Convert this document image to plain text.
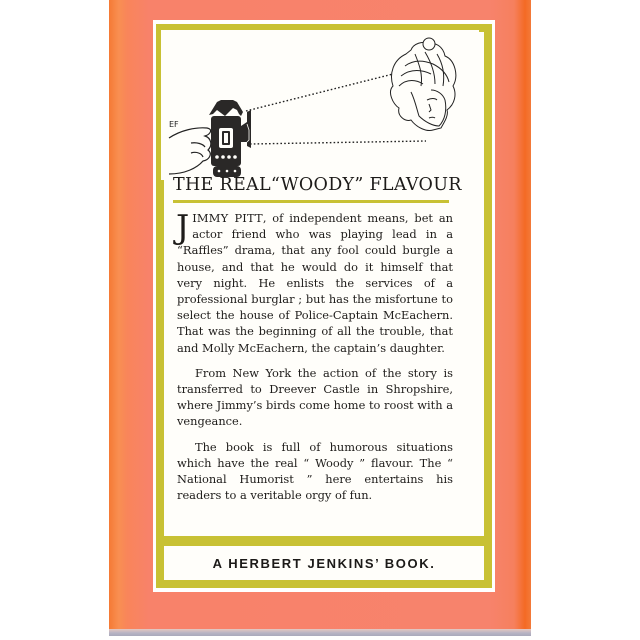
EF
THE REAL“WOODY” FLAVOUR

JIMMY PITT, of independent means, bet an actor friend who was playing lead in a “Raffles” drama, that any fool could burgle a house, and that he would do it himself that very night. He enlists the services of a professional burglar ; but has the misfortune to select the house of Police-Captain McEachern. That was the beginning of all the trouble, that and Molly McEachern, the captain’s daughter.

From New York the action of the story is transferred to Dreever Castle in Shropshire, where Jimmy’s birds come home to roost with a vengeance.

The book is full of humorous situations which have the real “ Woody ” flavour. The “ National Humorist ” here entertains his readers to a veritable orgy of fun.

A HERBERT JENKINS’ BOOK.
